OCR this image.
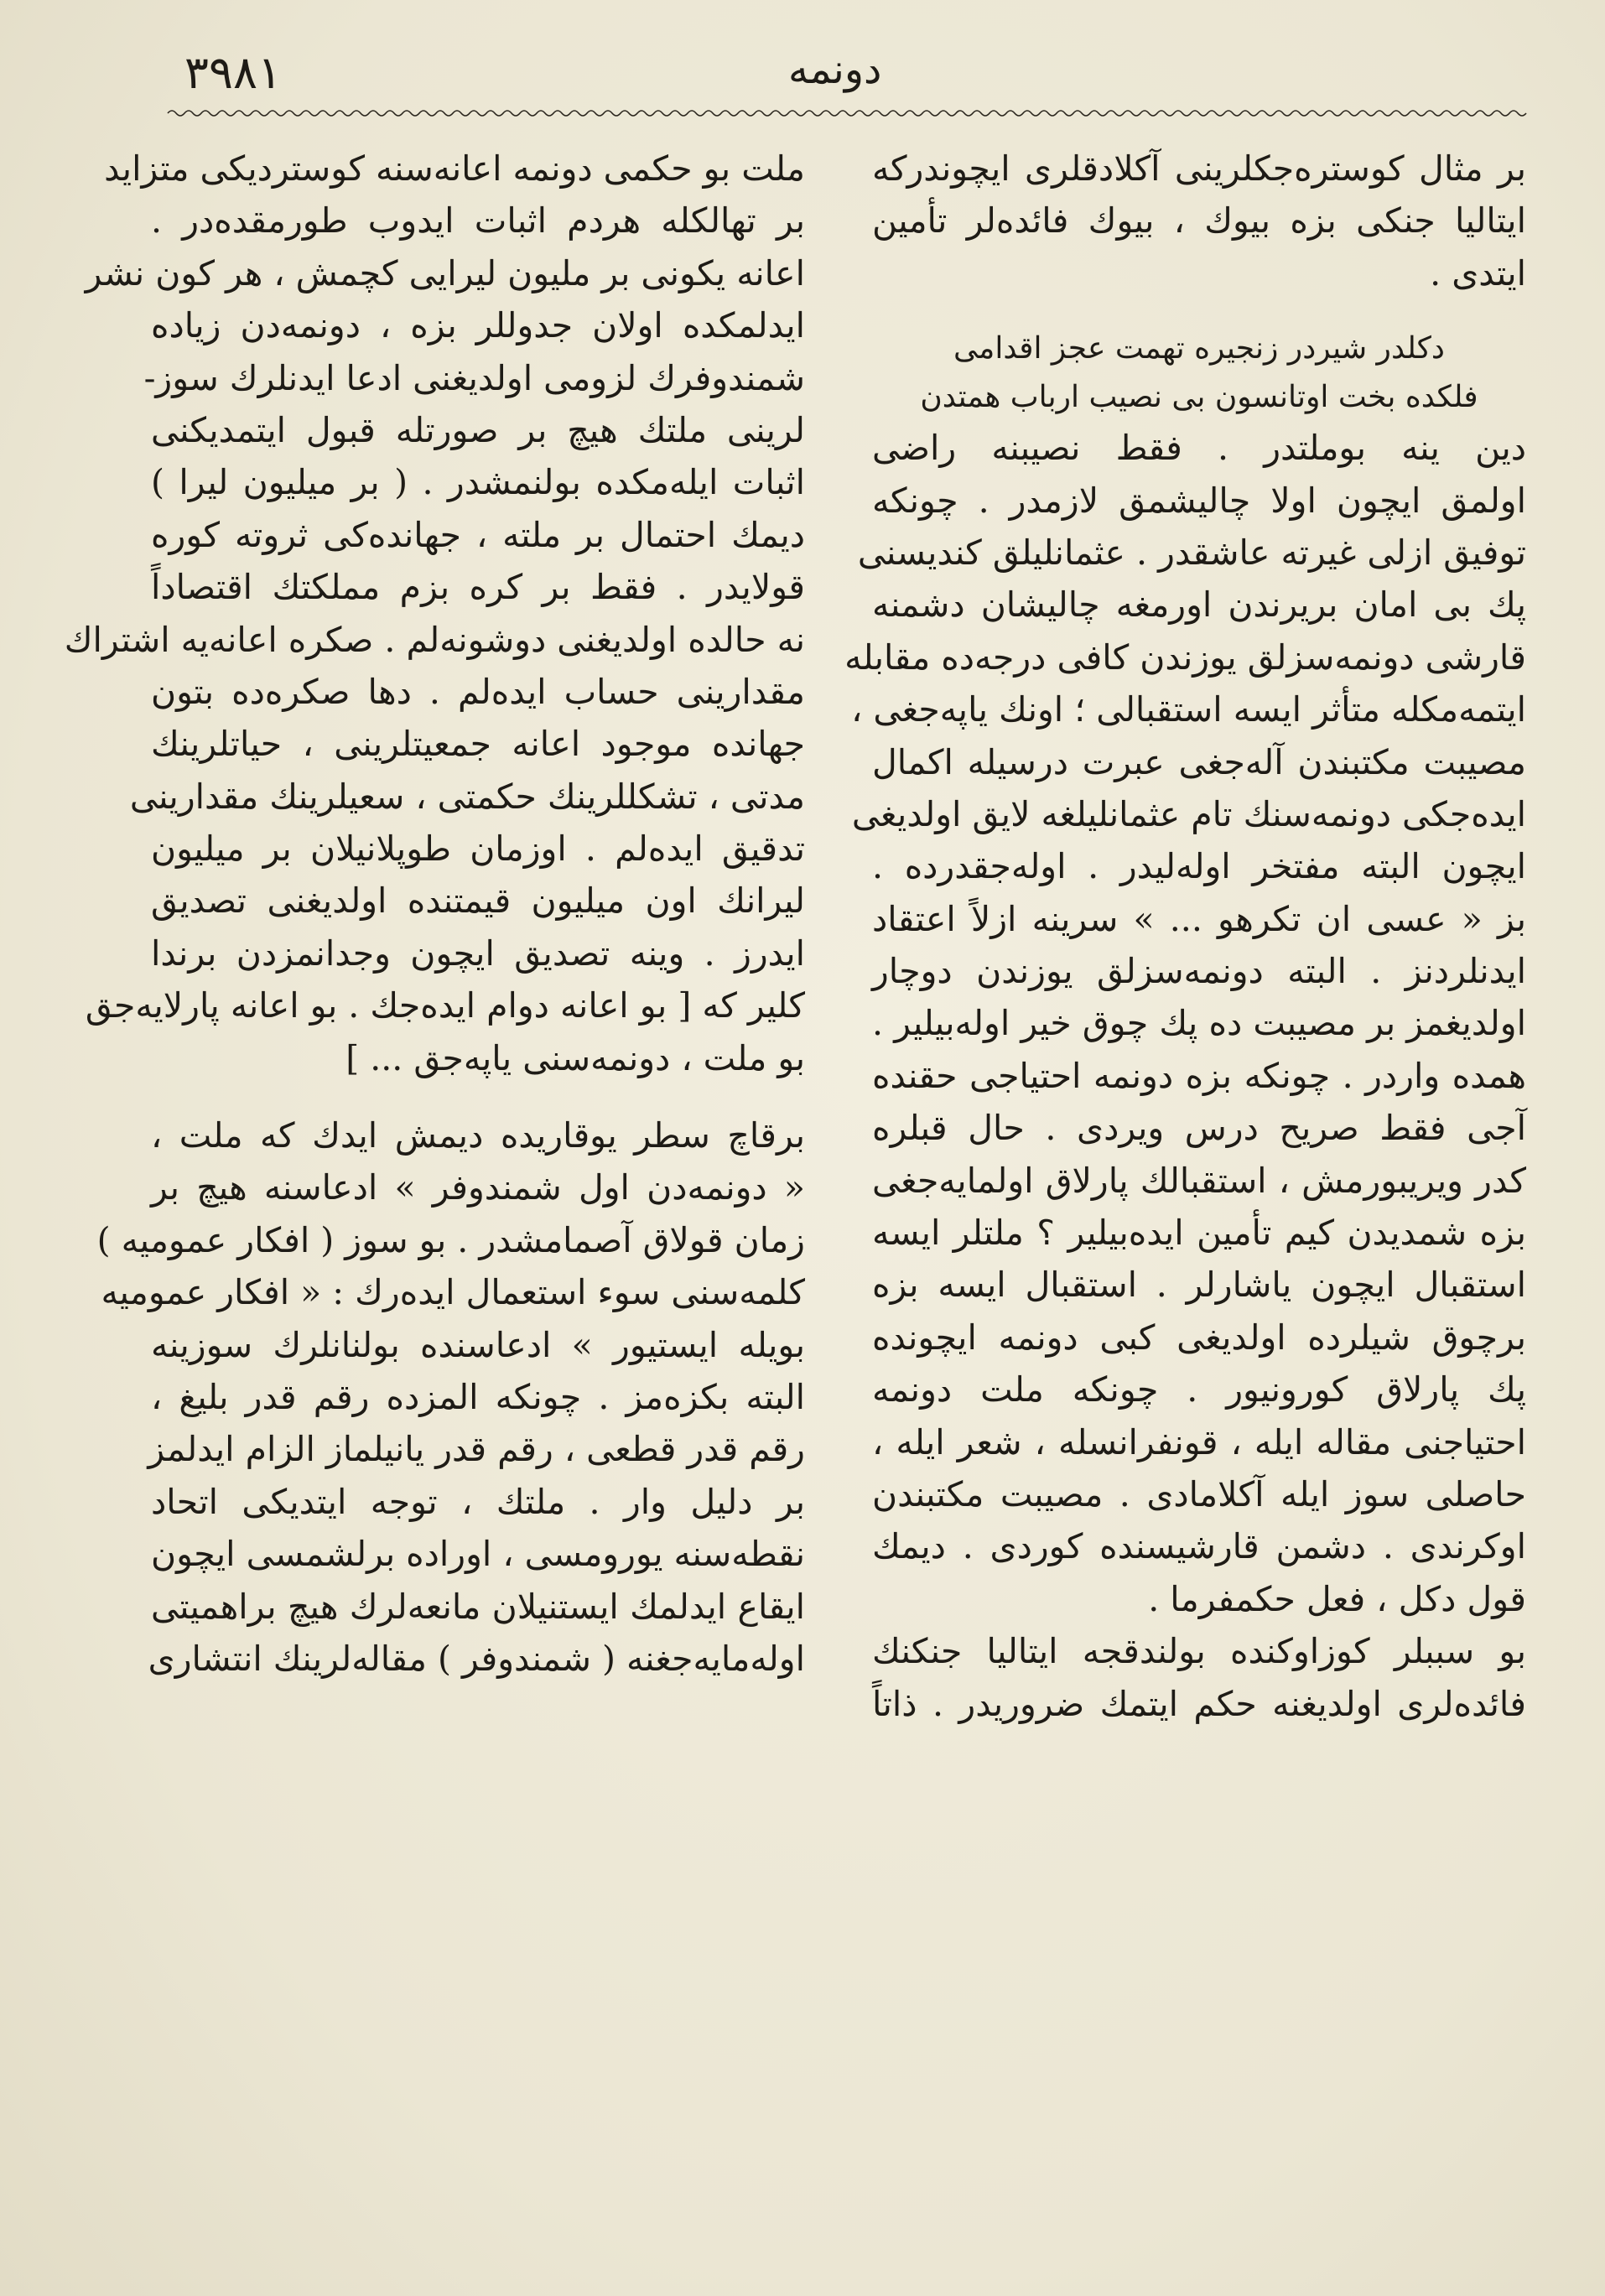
١٨٩٣	دونمه
بر مثال كوستره‌جكلرینی آكلادقلری ایچوندركه
ایتالیا جنكی بزه بیوك ، بیوك فائده‌لر تأمین
ایتدی .
دكلدر شیردر زنجیره تهمت عجز اقدامی
فلكده بخت اوتانسون بی نصیب ارباب همتدن
دین ینه بوملتدر . فقط نصیبنه راضی
اولمق ایچون اولا چالیشمق لازمدر . چونكه
توفیق ازلی غیرته عاشقدر . عثمانلیلق كندیسنی
پك بی امان بریرندن اورمغه چالیشان دشمنه
قارشی دونمه‌سزلق یوزندن كافی درجه‌ده مقابله
ایتمه‌مكله متأثر ایسه استقبالی ؛ اونك یاپه‌جغی ،
مصیبت مكتبندن آله‌جغی عبرت درسیله اكمال
ایده‌جكی دونمه‌سنك تام عثمانلیلغه لایق اولدیغی
ایچون البته مفتخر اوله‌لیدر . اوله‌جقدرده .
بز « عسی ان تكرهو ... » سرینه ازلاً اعتقاد
ایدنلردنز . البته دونمه‌سزلق یوزندن دوچار
اولدیغمز بر مصیبت ده پك چوق خیر اوله‌بیلیر .
همده واردر . چونكه بزه دونمه احتیاجی حقنده
آجی فقط صریح درس ویردی . حال قبلره
كدر ویریبورمش ، استقبالك پارلاق اولمایه‌جغی
بزه شمدیدن كیم تأمین ایده‌بیلیر ؟ ملتلر ایسه
استقبال ایچون یاشارلر . استقبال ایسه بزه
برچوق شیلرده اولدیغی كبی دونمه ایچونده
پك پارلاق كورونیور . چونكه ملت دونمه
احتیاجنی مقاله ایله ، قونفرانسله ، شعر ایله ،
حاصلی سوز ایله آكلامادی . مصیبت مكتبندن
اوكرندی . دشمن قارشیسنده كوردی . دیمك
قول دكل ، فعل حكمفرما .
بو سببلر كوزاوكنده بولندقجه ایتالیا جنكنك
فائده‌لری اولدیغنه حكم ایتمك ضروریدر . ذاتاً
ملت بو حكمی دونمه اعانه‌سنه كوستردیكی متزاید
بر تهالكله هردم اثبات ایدوب طورمقده‌در .
اعانه یكونی بر ملیون لیرایی كچمش ، هر كون نشر
ایدلمكده اولان جدوللر بزه ، دونمه‌دن زیاده
شمندوفرك لزومی اولدیغنی ادعا ایدنلرك سوز-
لرینی ملتك هیچ بر صورتله قبول ایتمدیكنی
اثبات ایله‌مكده بولنمشدر . ( بر میلیون لیرا )
دیمك احتمال بر ملته ، جهانده‌كی ثروته كوره
قولایدر . فقط بر كره بزم مملكتك اقتصاداً
نه حالده اولدیغنی دوشونه‌لم . صكره اعانه‌یه اشتراك
مقدارینی حساب ایده‌لم . دها صكره‌ده بتون
جهانده موجود اعانه جمعیتلرینی ، حیاتلرینك
مدتی ، تشكللرینك حكمتی ، سعیلرینك مقدارینی
تدقیق ایده‌لم . اوزمان طوپلانیلان بر میلیون
لیرانك اون میلیون قیمتنده اولدیغنی تصدیق
ایدرز . وینه تصدیق ایچون وجدانمزدن برندا
كلیر كه [ بو اعانه دوام ایده‌جك . بو اعانه پارلایه‌جق
بو ملت ، دونمه‌سنی یاپه‌جق ... ]
برقاچ سطر یوقاریده دیمش ایدك كه ملت ،
« دونمه‌دن اول شمندوفر » ادعاسنه هیچ بر
زمان قولاق آصمامشدر . بو سوز ( افكار عمومیه )
كلمه‌سنی سوء استعمال ایده‌رك : « افكار عمومیه
بویله ایستیور » ادعاسنده بولنانلرك سوزینه
البته بكزه‌مز . چونكه المزده رقم قدر بلیغ ،
رقم قدر قطعی ، رقم قدر یانیلماز الزام ایدلمز
بر دلیل وار . ملتك ، توجه ایتدیكی اتحاد
نقطه‌سنه یورومسی ، اوراده برلشمسی ایچون
ایقاع ایدلمك ایستنیلان مانعه‌لرك هیچ براهمیتی
اوله‌مایه‌جغنه ( شمندوفر ) مقاله‌لرینك انتشاری
